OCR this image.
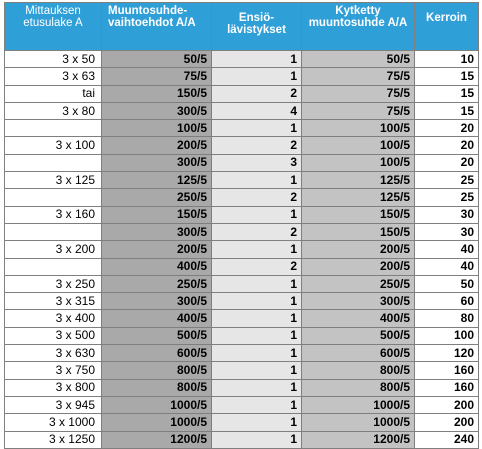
Mittauksen etusulake A	Muuntosuhde-vaihtoehdot A/A	Ensiö-lävistykset	Kytketty muuntosuhde A/A	Kerroin
3 x 50	50/5	1	50/5	10
3 x 63	75/5	1	75/5	15
tai	150/5	2	75/5	15
3 x 80	300/5	4	75/5	15
	100/5	1	100/5	20
3 x 100	200/5	2	100/5	20
	300/5	3	100/5	20
3 x 125	125/5	1	125/5	25
	250/5	2	125/5	25
3 x 160	150/5	1	150/5	30
	300/5	2	150/5	30
3 x 200	200/5	1	200/5	40
	400/5	2	200/5	40
3 x 250	250/5	1	250/5	50
3 x 315	300/5	1	300/5	60
3 x 400	400/5	1	400/5	80
3 x 500	500/5	1	500/5	100
3 x 630	600/5	1	600/5	120
3 x 750	800/5	1	800/5	160
3 x 800	800/5	1	800/5	160
3 x 945	1000/5	1	1000/5	200
3 x 1000	1000/5	1	1000/5	200
3 x 1250	1200/5	1	1200/5	240
